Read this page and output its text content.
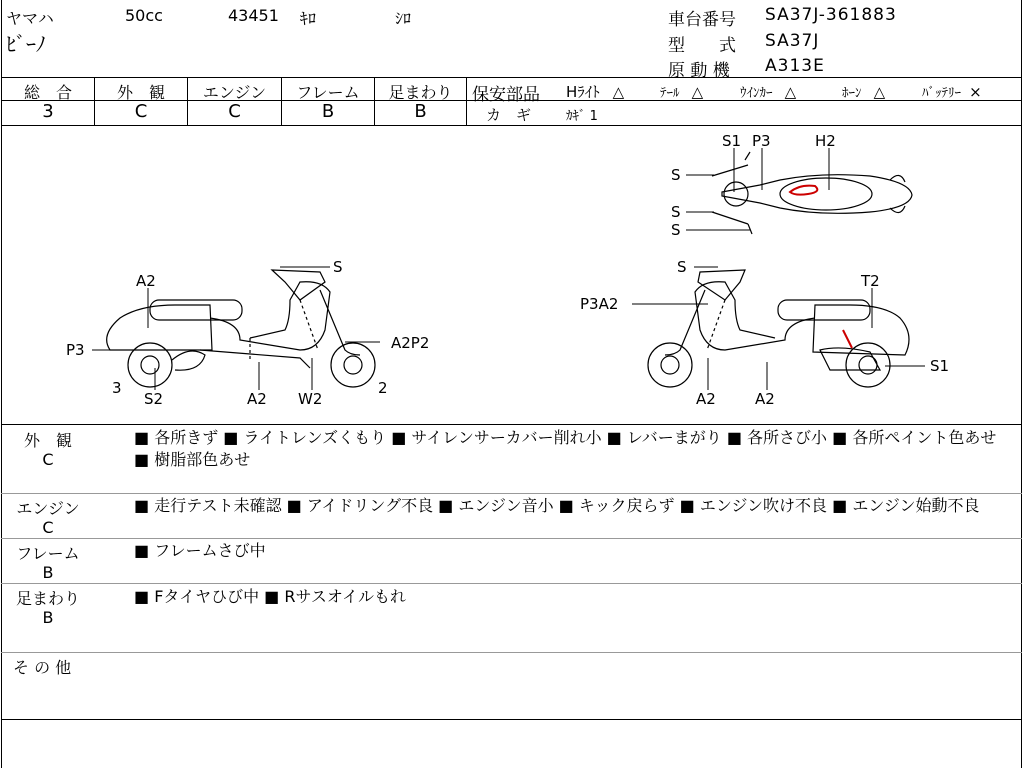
ヤマハ	50cc	43451 ｷﾛ	ｼﾛ
ﾋﾞｰﾉ
車台番号 SA37J-361883
型　　式 SA37J
原 動 機 A313E
総　合	外　観	エンジン	フレーム	足まわり
3	C	C	B	B
保安部品 Hﾗｲﾄ △	ﾃｰﾙ △	ｳｲﾝｶｰ △	ﾎｰﾝ △	ﾊﾞｯﾃﾘｰ ×
カ　ギ	ｶｷﾞ 1
S1 P3	H2
S
S
S
A2
S
P3	A2P2
3
S2	A2 W2
2
S
T2
P3A2
S1
A2	A2
外　観
C
■ 各所きず ■ ライトレンズくもり ■ サイレンサーカバー削れ小 ■ レバーまがり ■ 各所さび小 ■ 各所ペイント色あせ ■ 樹脂部色あせ
エンジン
C
■ 走行テスト未確認 ■ アイドリング不良 ■ エンジン音小 ■ キック戻らず ■ エンジン吹け不良 ■ エンジン始動不良
フレーム
B
■ フレームさび中
足まわり
B
■ Fタイヤひび中 ■ Rサスオイルもれ
そ の 他
